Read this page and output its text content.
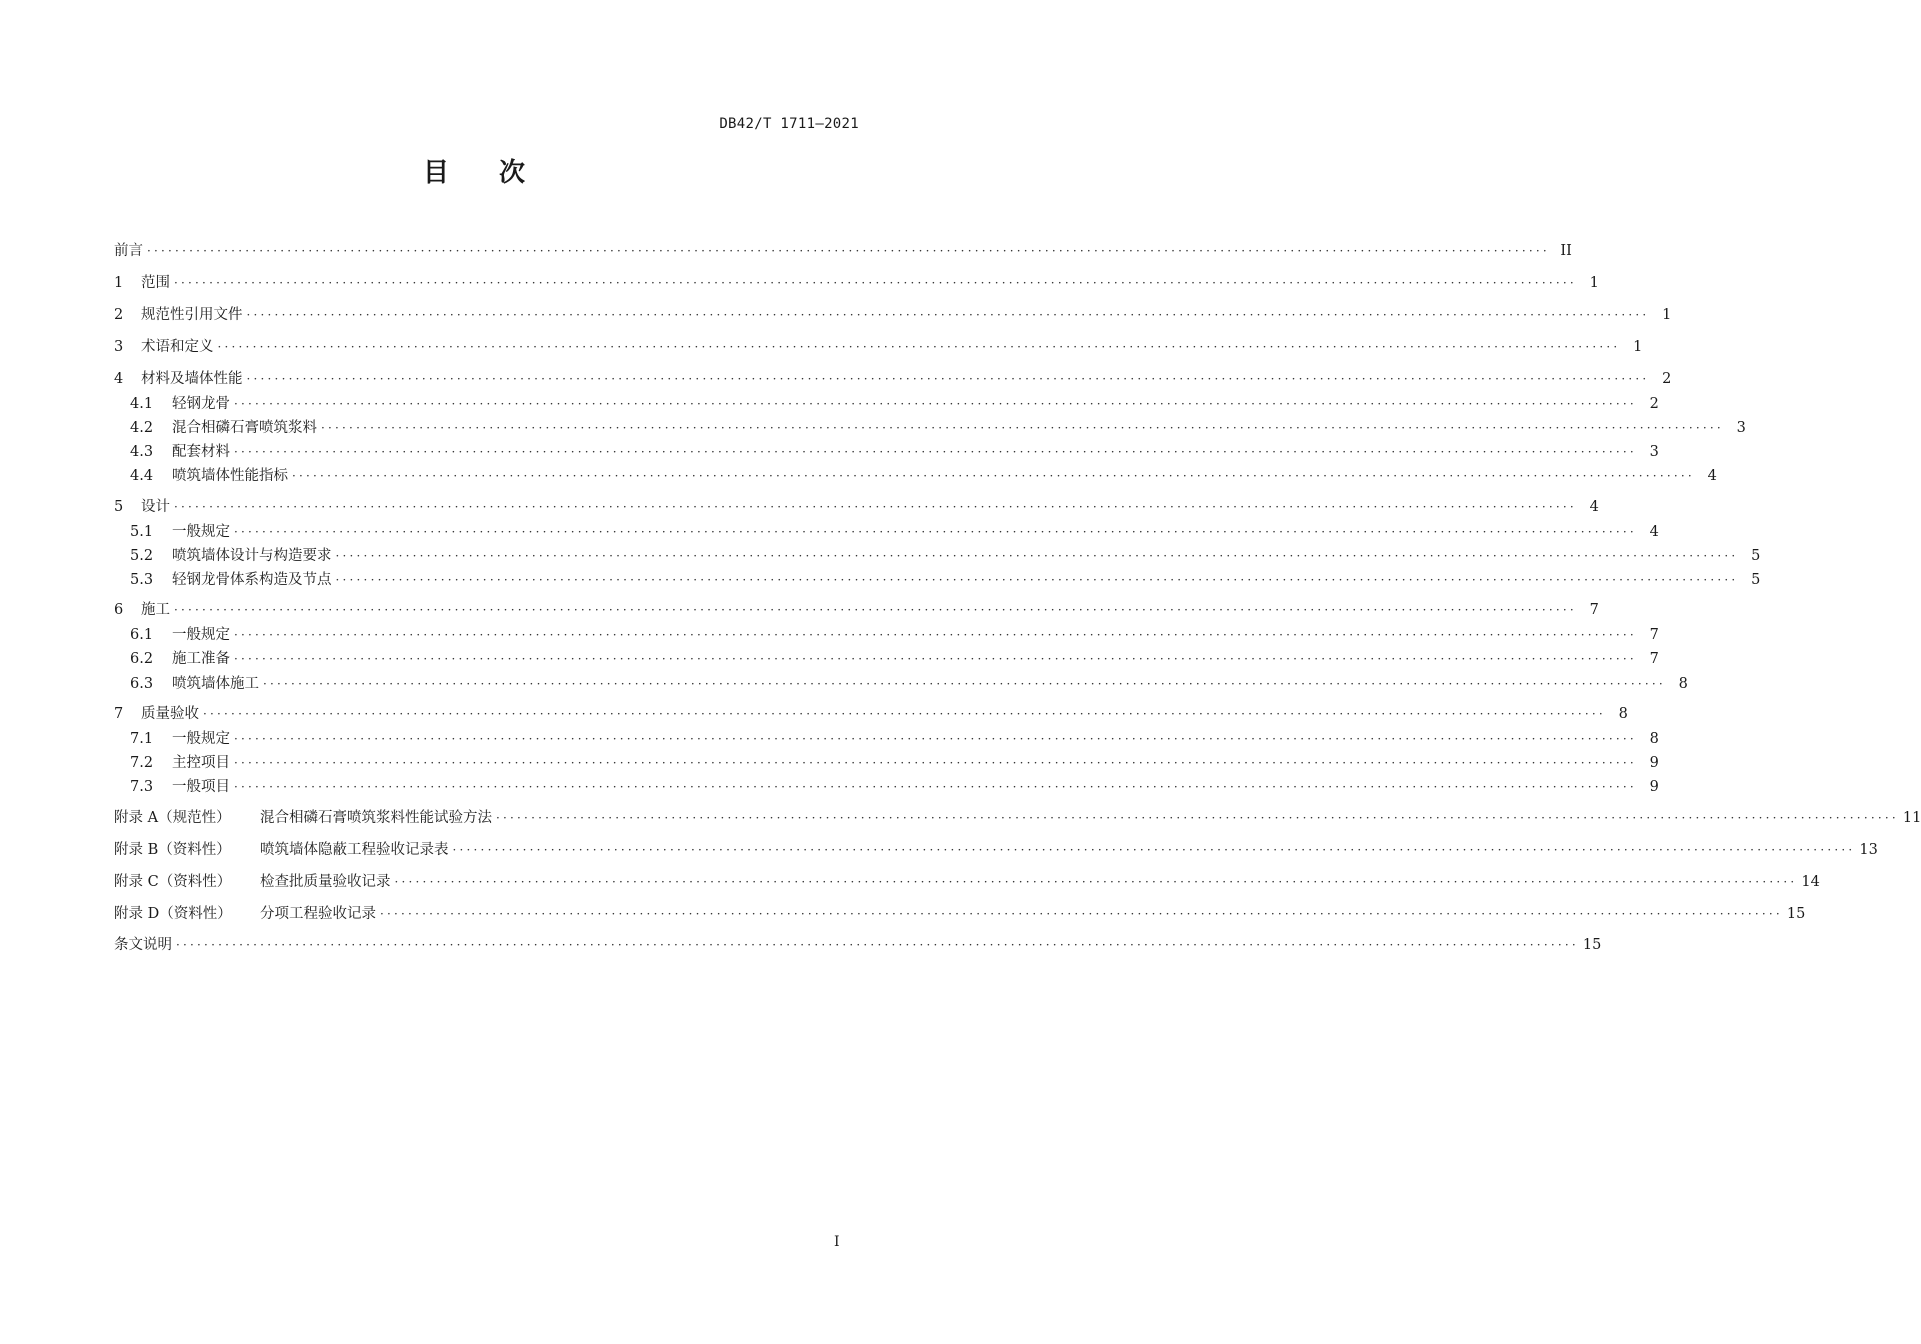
DB42/T 1711—2021
目 次
前言 ········································································································································································································ II
1 范围 ········································································································································································································ 1
2 规范性引用文件 ········································································································································································································ 1
3 术语和定义 ········································································································································································································ 1
4 材料及墙体性能 ········································································································································································································ 2
4.1 轻钢龙骨 ········································································································································································································ 2
4.2 混合相磷石膏喷筑浆料 ········································································································································································································ 3
4.3 配套材料 ········································································································································································································ 3
4.4 喷筑墙体性能指标 ········································································································································································································ 4
5 设计 ········································································································································································································ 4
5.1 一般规定 ········································································································································································································ 4
5.2 喷筑墙体设计与构造要求 ········································································································································································································ 5
5.3 轻钢龙骨体系构造及节点 ········································································································································································································ 5
6 施工 ········································································································································································································ 7
6.1 一般规定 ········································································································································································································ 7
6.2 施工准备 ········································································································································································································ 7
6.3 喷筑墙体施工 ········································································································································································································ 8
7 质量验收 ········································································································································································································ 8
7.1 一般规定 ········································································································································································································ 8
7.2 主控项目 ········································································································································································································ 9
7.3 一般项目 ········································································································································································································ 9
附录 A（规范性） 混合相磷石膏喷筑浆料性能试验方法 ········································································································································································································ 11
附录 B（资料性） 喷筑墙体隐蔽工程验收记录表 ········································································································································································································ 13
附录 C（资料性） 检查批质量验收记录 ········································································································································································································ 14
附录 D（资料性） 分项工程验收记录 ········································································································································································································ 15
条文说明 ········································································································································································································ 15
I
